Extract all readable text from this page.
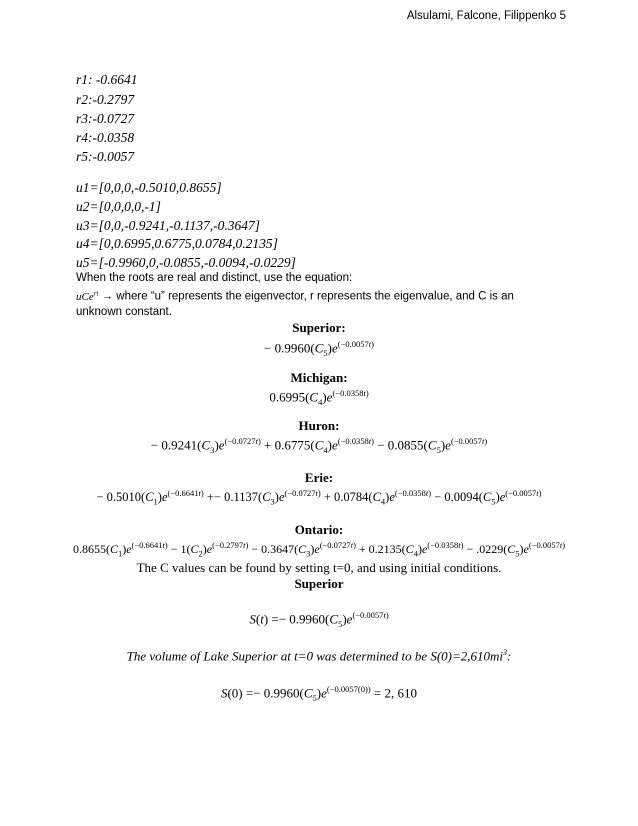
Alsulami, Falcone, Filippenko 5
r1: -0.6641
r2:-0.2797
r3:-0.0727
r4:-0.0358
r5:-0.0057
u1=[0,0,0,-0.5010,0.8655]
u2=[0,0,0,0,-1]
u3=[0,0,-0.9241,-0.1137,-0.3647]
u4=[0,0.6995,0.6775,0.0784,0.2135]
u5=[-0.9960,0,-0.0855,-0.0094,-0.0229]
When the roots are real and distinct, use the equation:
uCe$^{rt}$ → where “u” represents the eigenvector, r represents the eigenvalue, and C is an
unknown constant.
Superior:
− $0.9960(C_5)e^{(-0.0057t)}$
Michigan:
$0.6995(C_4)e^{(-0.0358t)}$
Huron:
− $0.9241(C_3)e^{(-0.0727t)} + 0.6775(C_4)e^{(-0.0358t)} - 0.0855(C_5)e^{(-0.0057t)}$
Erie:
− $0.5010(C_1)e^{(-0.6641t)} +- 0.1137(C_3)e^{(-0.0727t)} + 0.0784(C_4)e^{(-0.0358t)} - 0.0094(C_5)e^{(-0.0057t)}$
Ontario:
$0.8655(C_1)e^{(-0.6641t)} - 1(C_2)e^{(-0.2797t)} - 0.3647(C_3)e^{(-0.0727t)} + 0.2135(C_4)e^{(-0.0358t)} - .0229(C_5)e^{(-0.0057t)}$
The C values can be found by setting t=0, and using initial conditions.
Superior
$S(t) =- 0.9960(C_5)e^{(-0.0057t)}$
The volume of Lake Superior at t=0 was determined to be $S(0)=2,610mi^3$:
$S(0) =- 0.9960(C_5)e^{(-0.0057(0))} = 2$, 610
